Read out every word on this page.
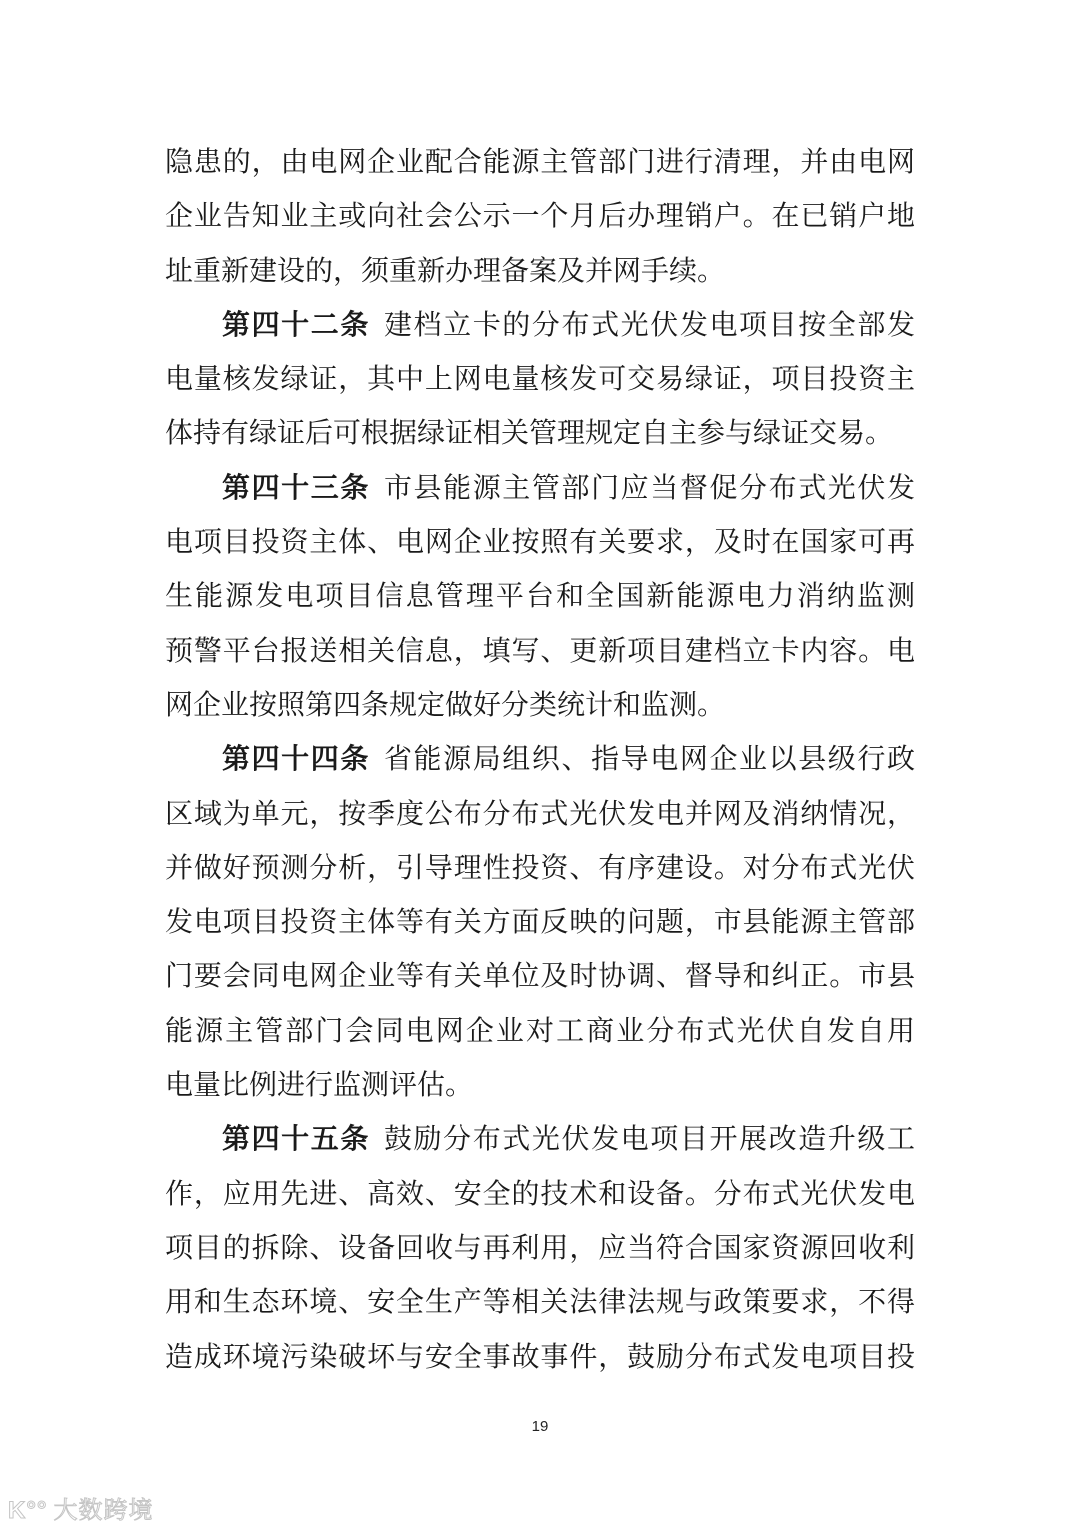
隐患的，由电网企业配合能源主管部门进行清理，并由电网
企业告知业主或向社会公示一个月后办理销户。在已销户地
址重新建设的，须重新办理备案及并网手续。
第四十二条 建档立卡的分布式光伏发电项目按全部发
电量核发绿证，其中上网电量核发可交易绿证，项目投资主
体持有绿证后可根据绿证相关管理规定自主参与绿证交易。
第四十三条 市县能源主管部门应当督促分布式光伏发
电项目投资主体、电网企业按照有关要求，及时在国家可再
生能源发电项目信息管理平台和全国新能源电力消纳监测
预警平台报送相关信息，填写、更新项目建档立卡内容。电
网企业按照第四条规定做好分类统计和监测。
第四十四条 省能源局组织、指导电网企业以县级行政
区域为单元，按季度公布分布式光伏发电并网及消纳情况，
并做好预测分析，引导理性投资、有序建设。对分布式光伏
发电项目投资主体等有关方面反映的问题，市县能源主管部
门要会同电网企业等有关单位及时协调、督导和纠正。市县
能源主管部门会同电网企业对工商业分布式光伏自发自用
电量比例进行监测评估。
第四十五条 鼓励分布式光伏发电项目开展改造升级工
作，应用先进、高效、安全的技术和设备。分布式光伏发电
项目的拆除、设备回收与再利用，应当符合国家资源回收利
用和生态环境、安全生产等相关法律法规与政策要求，不得
造成环境污染破坏与安全事故事件，鼓励分布式发电项目投
19
K°° 大数跨境
